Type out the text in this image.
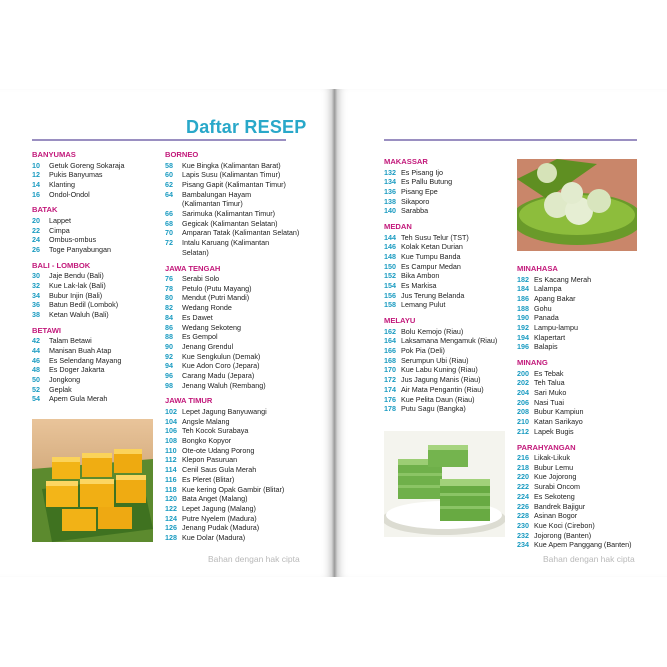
Daftar RESEP
BANYUMAS
10	Getuk Goreng Sokaraja
12	Pukis Banyumas
14	Klanting
16	Ondol-Ondol
BATAK
20	Lappet
22	Cimpa
24	Ombus-ombus
26	Toge Panyabungan
BALI - LOMBOK
30	Jaje Bendu (Bali)
32	Kue Lak-lak (Bali)
34	Bubur Injin (Bali)
36	Batun Bedil (Lombok)
38	Ketan Waluh (Bali)
BETAWI
42	Talam Betawi
44	Manisan Buah Atap
46	Es Selendang Mayang
48	Es Doger Jakarta
50	Jongkong
52	Geplak
54	Apem Gula Merah
BORNEO
58	Kue Bingka (Kalimantan Barat)
60	Lapis Susu (Kalimantan Timur)
62	Pisang Gapit (Kalimantan Timur)
64	Bambalungan Hayam
(Kalimantan Timur)
66	Sarimuka (Kalimantan Timur)
68	Gegicak (Kalimantan Selatan)
70	Amparan Tatak (Kalimantan Selatan)
72	Intalu Karuang (Kalimantan
Selatan)
JAWA TENGAH
76	Serabi Solo
78	Petulo (Putu Mayang)
80	Mendut (Putri Mandi)
82	Wedang Ronde
84	Es Dawet
86	Wedang Sekoteng
88	Es Gempol
90	Jenang Grendul
92	Kue Sengkulun (Demak)
94	Kue Adon Coro (Jepara)
96	Carang Madu (Jepara)
98	Jenang Waluh (Rembang)
JAWA TIMUR
102 Lepet Jagung Banyuwangi
104 Angsle Malang
106 Teh Kocok Surabaya
108 Bongko Kopyor
110 Ote-ote Udang Porong
112 Klepon Pasuruan
114 Cenil Saus Gula Merah
116 Es Pleret (Blitar)
118 Kue kering Opak Gambir (Blitar)
120 Bata Anget (Malang)
122 Lepet Jagung (Malang)
124 Putre Nyelem (Madura)
126 Jenang Pudak (Madura)
128 Kue Dolar (Madura)
Bahan dengan hak cipta
MAKASSAR
132 Es Pisang Ijo
134 Es Pallu Butung
136 Pisang Epe
138 Sikaporo
140 Sarabba
MEDAN
144 Teh Susu Telur (TST)
146 Kolak Ketan Durian
148 Kue Tumpu Banda
150 Es Campur Medan
152 Bika Ambon
154 Es Markisa
156 Jus Terung Belanda
158 Lemang Pulut
MELAYU
162 Bolu Kemojo (Riau)
164 Laksamana Mengamuk (Riau)
166 Pok Pia (Deli)
168 Serumpun Ubi (Riau)
170 Kue Labu Kuning (Riau)
172 Jus Jagung Manis (Riau)
174 Air Mata Pengantin (Riau)
176 Kue Pelita Daun (Riau)
178 Putu Sagu (Bangka)
MINAHASA
182 Es Kacang Merah
184 Lalampa
186 Apang Bakar
188 Gohu
190 Panada
192 Lampu-lampu
194 Klapertart
196 Balapis
MINANG
200 Es Tebak
202 Teh Talua
204 Sari Muko
206 Nasi Tuai
208 Bubur Kampiun
210 Katan Sarikayo
212 Lapek Bugis
PARAHYANGAN
216 Likak-Likuk
218 Bubur Lemu
220 Kue Jojorong
222 Surabi Oncom
224 Es Sekoteng
226 Bandrek Bajigur
228 Asinan Bogor
230 Kue Koci (Cirebon)
232 Jojorong (Banten)
234 Kue Apem Panggang (Banten)
Bahan dengan hak cipta
